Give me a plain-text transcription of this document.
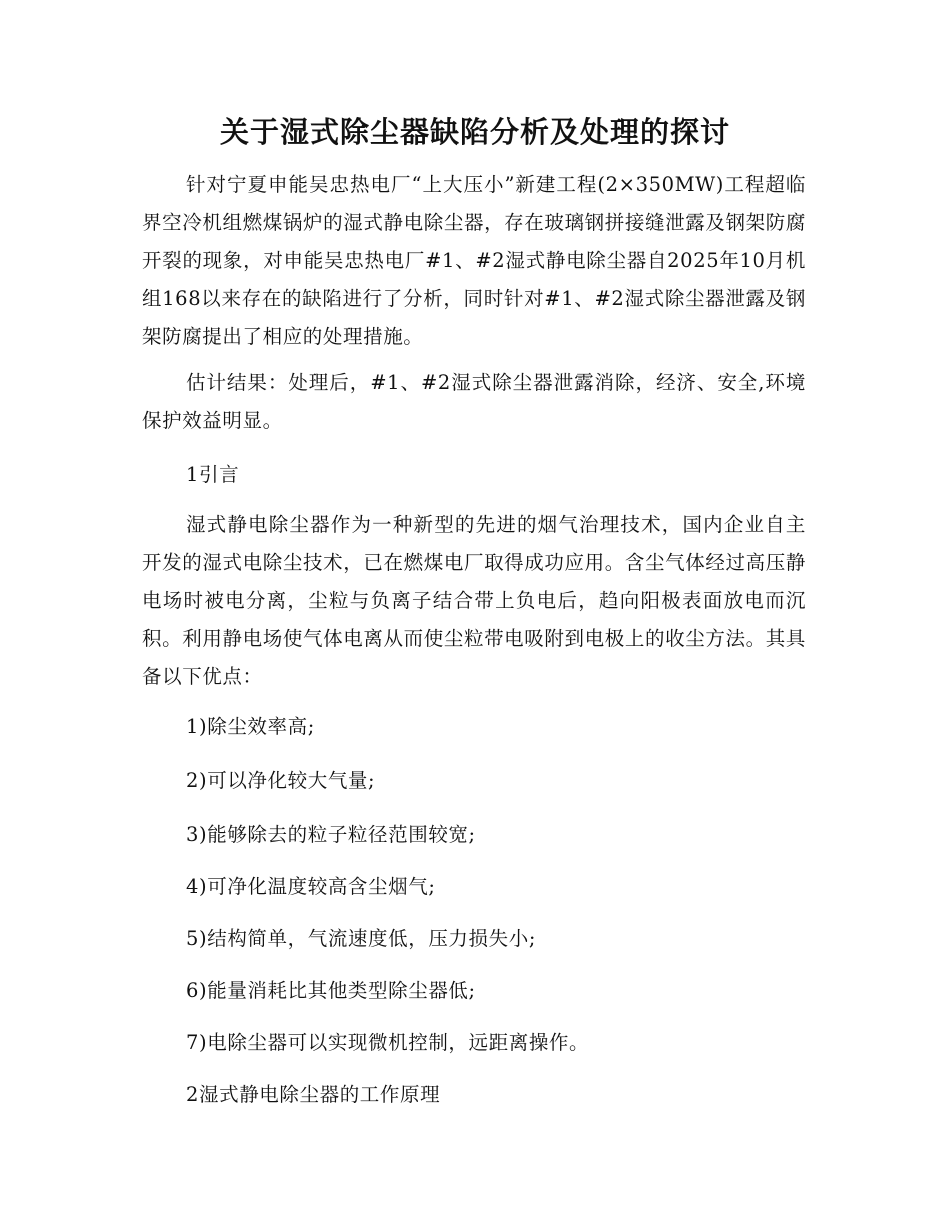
关于湿式除尘器缺陷分析及处理的探讨

针对宁夏申能吴忠热电厂“上大压小”新建工程(2×350MW)工程超临界空冷机组燃煤锅炉的湿式静电除尘器，存在玻璃钢拼接缝泄露及钢架防腐开裂的现象，对申能吴忠热电厂#1、#2湿式静电除尘器自2025年10月机组168以来存在的缺陷进行了分析，同时针对#1、#2湿式除尘器泄露及钢架防腐提出了相应的处理措施。

估计结果：处理后，#1、#2湿式除尘器泄露消除，经济、安全,环境保护效益明显。

1引言

湿式静电除尘器作为一种新型的先进的烟气治理技术，国内企业自主开发的湿式电除尘技术，已在燃煤电厂取得成功应用。含尘气体经过高压静电场时被电分离，尘粒与负离子结合带上负电后，趋向阳极表面放电而沉积。利用静电场使气体电离从而使尘粒带电吸附到电极上的收尘方法。其具备以下优点：

1)除尘效率高;

2)可以净化较大气量;

3)能够除去的粒子粒径范围较宽;

4)可净化温度较高含尘烟气;

5)结构简单，气流速度低，压力损失小;

6)能量消耗比其他类型除尘器低;

7)电除尘器可以实现微机控制，远距离操作。

2湿式静电除尘器的工作原理
